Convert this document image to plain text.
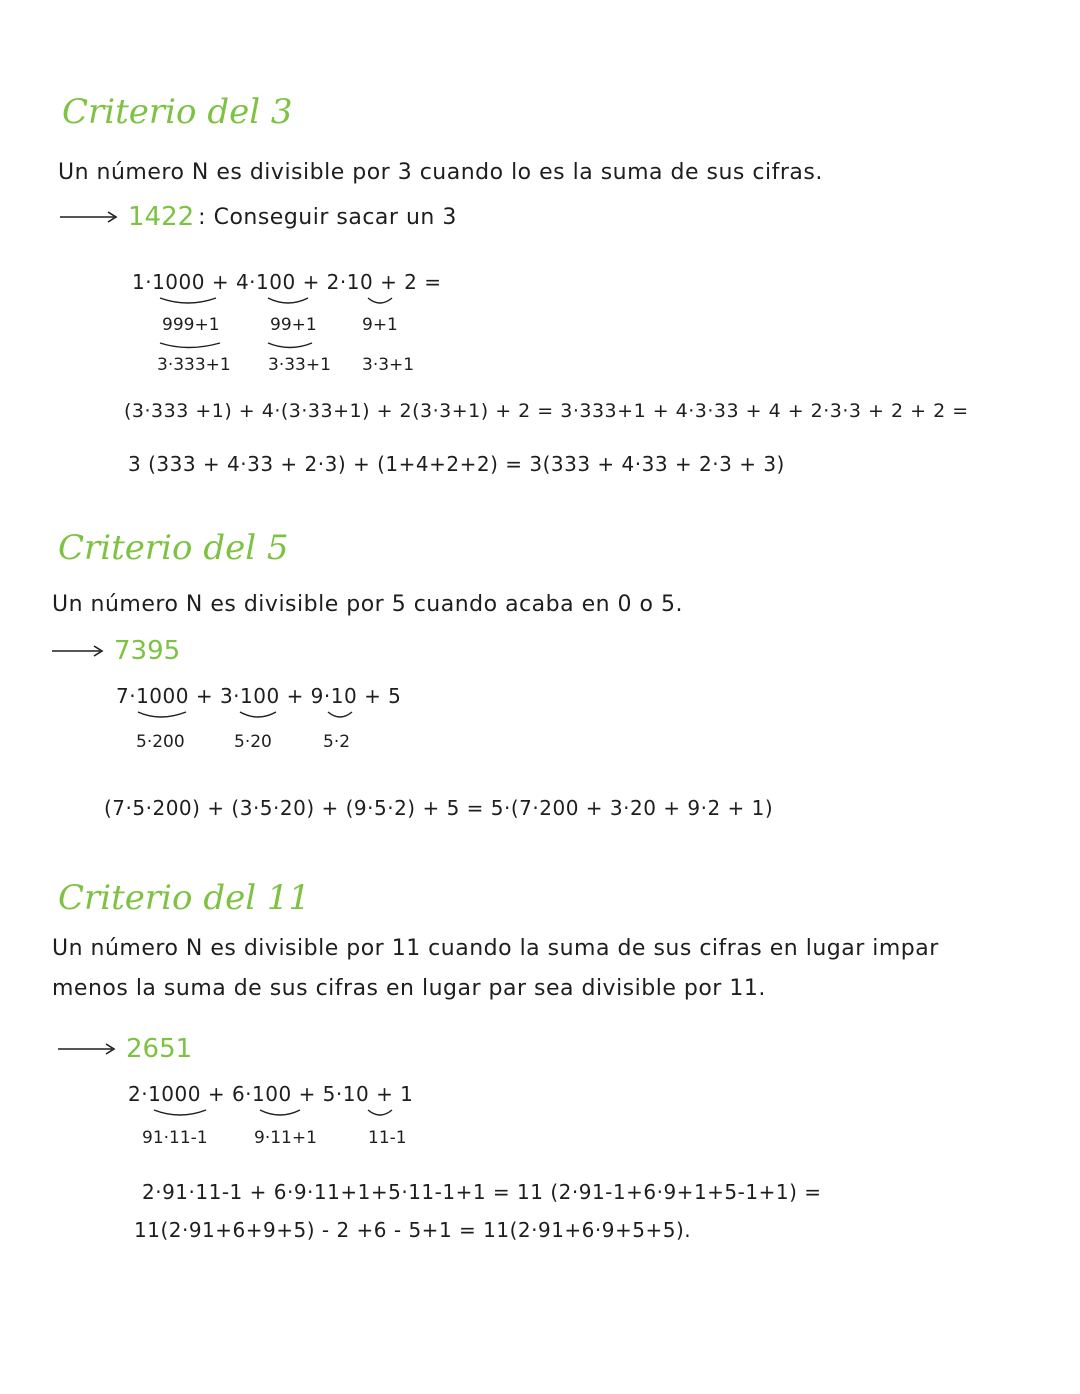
Criterio del 3
Un número N es divisible por 3 cuando lo es la suma de sus cifras.
1422 : Conseguir sacar un 3
1·1000 + 4·100 + 2·10 + 2 =
999+1	99+1	9+1
3·333+1 3·33+1 3·3+1
(3·333 +1) + 4·(3·33+1) + 2(3·3+1) + 2 = 3·333+1 + 4·3·33 + 4 + 2·3·3 + 2 + 2 =
3 (333 + 4·33 + 2·3) + (1+4+2+2) = 3(333 + 4·33 + 2·3 + 3)
Criterio del 5
Un número N es divisible por 5 cuando acaba en 0 o 5.
7395
7·1000 + 3·100 + 9·10 + 5
5·200	5·20	5·2
(7·5·200) + (3·5·20) + (9·5·2) + 5 = 5·(7·200 + 3·20 + 9·2 + 1)
Criterio del 11
Un número N es divisible por 11 cuando la suma de sus cifras en lugar impar
menos la suma de sus cifras en lugar par sea divisible por 11.
2651
2·1000 + 6·100 + 5·10 + 1
91·11-1	9·11+1	11-1
2·91·11-1 + 6·9·11+1+5·11-1+1 = 11 (2·91-1+6·9+1+5-1+1) =
11(2·91+6+9+5) - 2 +6 - 5+1 = 11(2·91+6·9+5+5).
